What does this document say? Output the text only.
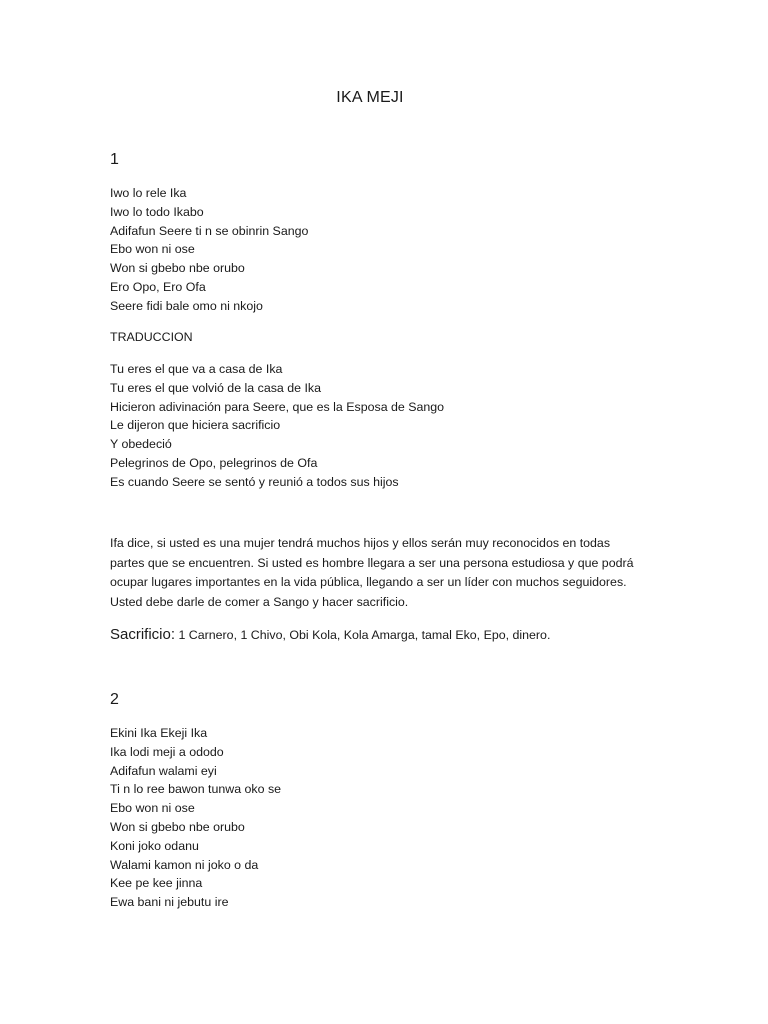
IKA MEJI
1
Iwo lo rele Ika
Iwo lo todo Ikabo
Adifafun Seere ti n se obinrin Sango
Ebo won ni ose
Won si gbebo nbe orubo
Ero Opo, Ero Ofa
Seere fidi bale omo ni nkojo
TRADUCCION
Tu eres el que va a casa de Ika
Tu eres el que volvió de la casa de Ika
Hicieron adivinación para Seere, que es la Esposa de Sango
Le dijeron que hiciera sacrificio
Y obedeció
Pelegrinos de Opo, pelegrinos de Ofa
Es cuando Seere se sentó y reunió a todos sus hijos

Ifa dice, si usted es una mujer tendrá muchos hijos y ellos serán muy reconocidos en todas

partes que se encuentren. Si usted es hombre llegara a ser una persona estudiosa y que podrá

ocupar lugares importantes en la vida pública, llegando a ser un líder con muchos seguidores.

Usted debe darle de comer a Sango y hacer sacrificio.

Sacrificio: 1 Carnero, 1 Chivo, Obi Kola, Kola Amarga, tamal Eko, Epo, dinero.
2
Ekini Ika Ekeji Ika
Ika lodi meji a ododo
Adifafun walami eyi
Ti n lo ree bawon tunwa oko se
Ebo won ni ose
Won si gbebo nbe orubo
Koni joko odanu
Walami kamon ni joko o da
Kee pe kee jinna
Ewa bani ni jebutu ire
